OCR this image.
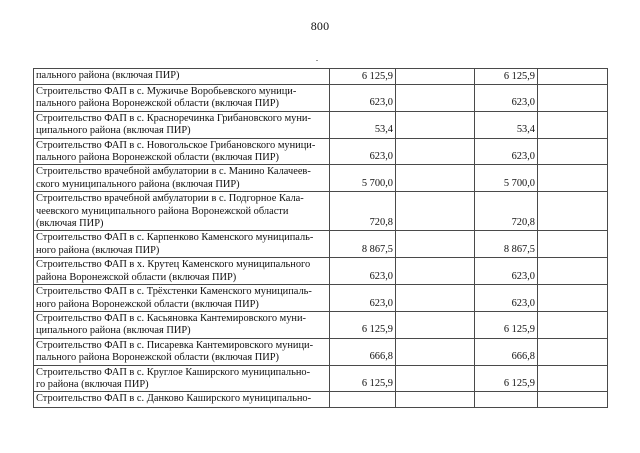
800
пального района (включая ПИР)	6 125,9		6 125,9	
Строительство ФАП в с. Мужичье Воробьевского муници-
пального района Воронежской области (включая ПИР)	623,0		623,0	
Строительство ФАП в с. Красноречинка Грибановского муни-
ципального района (включая ПИР)	53,4		53,4	
Строительство ФАП в с. Новогольское Грибановского муници-
пального района Воронежской области (включая ПИР)	623,0		623,0	
Строительство врачебной амбулатории в с. Манино Калачеев-
ского муниципального района (включая ПИР)	5 700,0		5 700,0	
Строительство врачебной амбулатории в с. Подгорное Кала-
чеевского муниципального района Воронежской области
(включая ПИР)	720,8		720,8	
Строительство ФАП в с. Карпенково Каменского муниципаль-
ного района (включая ПИР)	8 867,5		8 867,5	
Строительство ФАП в х. Крутец Каменского муниципального
района Воронежской области (включая ПИР)	623,0		623,0	
Строительство ФАП в с. Трёхстенки Каменского муниципаль-
ного района Воронежской области (включая ПИР)	623,0		623,0	
Строительство ФАП в с. Касьяновка Кантемировского муни-
ципального района (включая ПИР)	6 125,9		6 125,9	
Строительство ФАП в с. Писаревка Кантемировского муници-
пального района Воронежской области (включая ПИР)	666,8		666,8	
Строительство ФАП в с. Круглое Каширского муниципально-
го района (включая ПИР)	6 125,9		6 125,9	
Строительство ФАП в с. Данково Каширского муниципально-				
